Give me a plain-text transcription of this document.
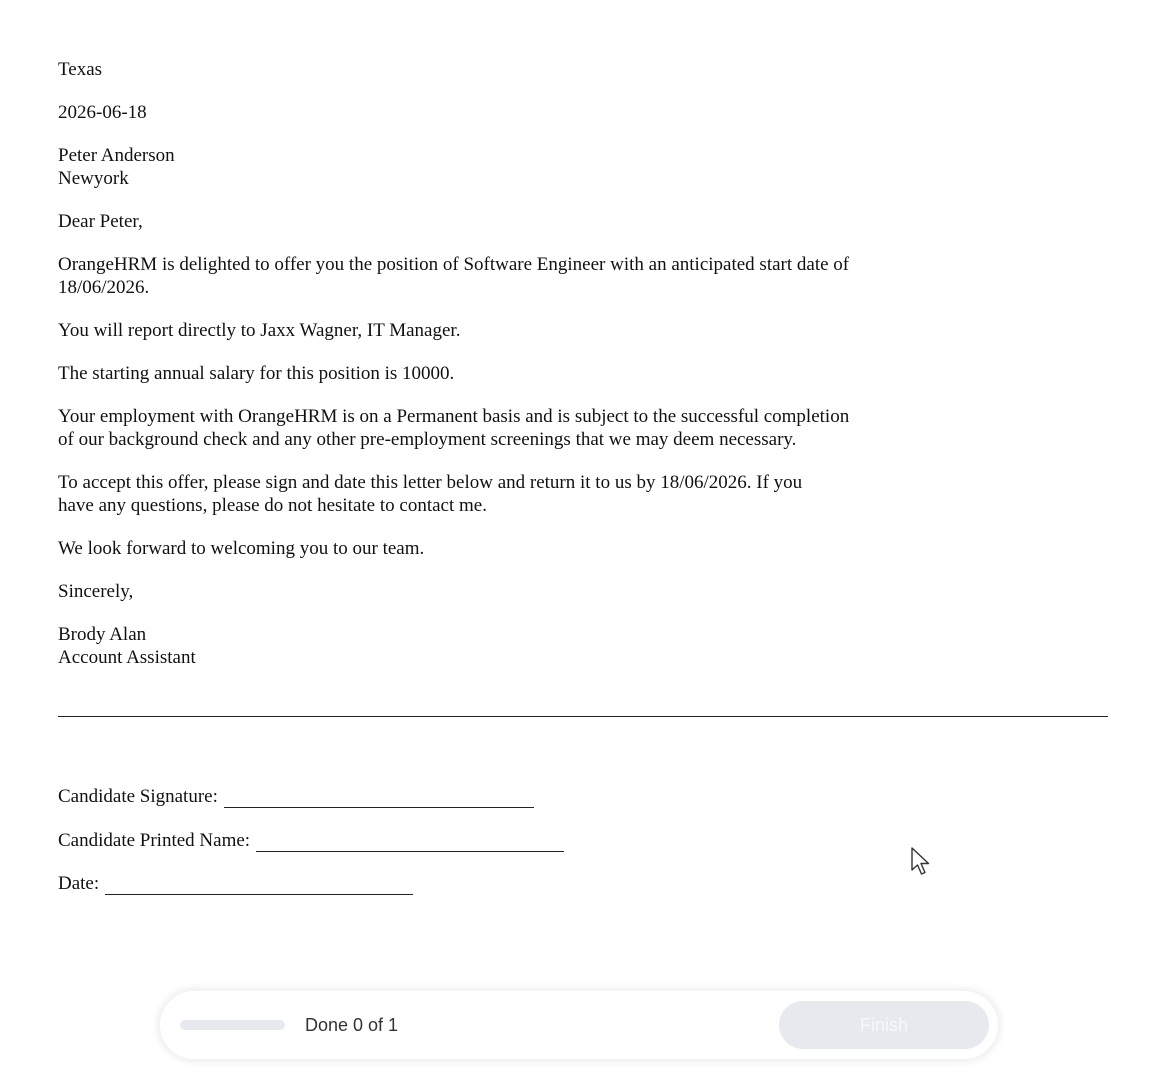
Texas

2026-06-18

Peter Anderson
Newyork

Dear Peter,

OrangeHRM is delighted to offer you the position of Software Engineer with an anticipated start date of
18/06/2026.

You will report directly to Jaxx Wagner, IT Manager.

The starting annual salary for this position is 10000.

Your employment with OrangeHRM is on a Permanent basis and is subject to the successful completion
of our background check and any other pre-employment screenings that we may deem necessary.

To accept this offer, please sign and date this letter below and return it to us by 18/06/2026. If you
have any questions, please do not hesitate to contact me.

We look forward to welcoming you to our team.

Sincerely,

Brody Alan
Account Assistant

Candidate Signature:
Candidate Printed Name:
Date:
Done 0 of 1	Finish
